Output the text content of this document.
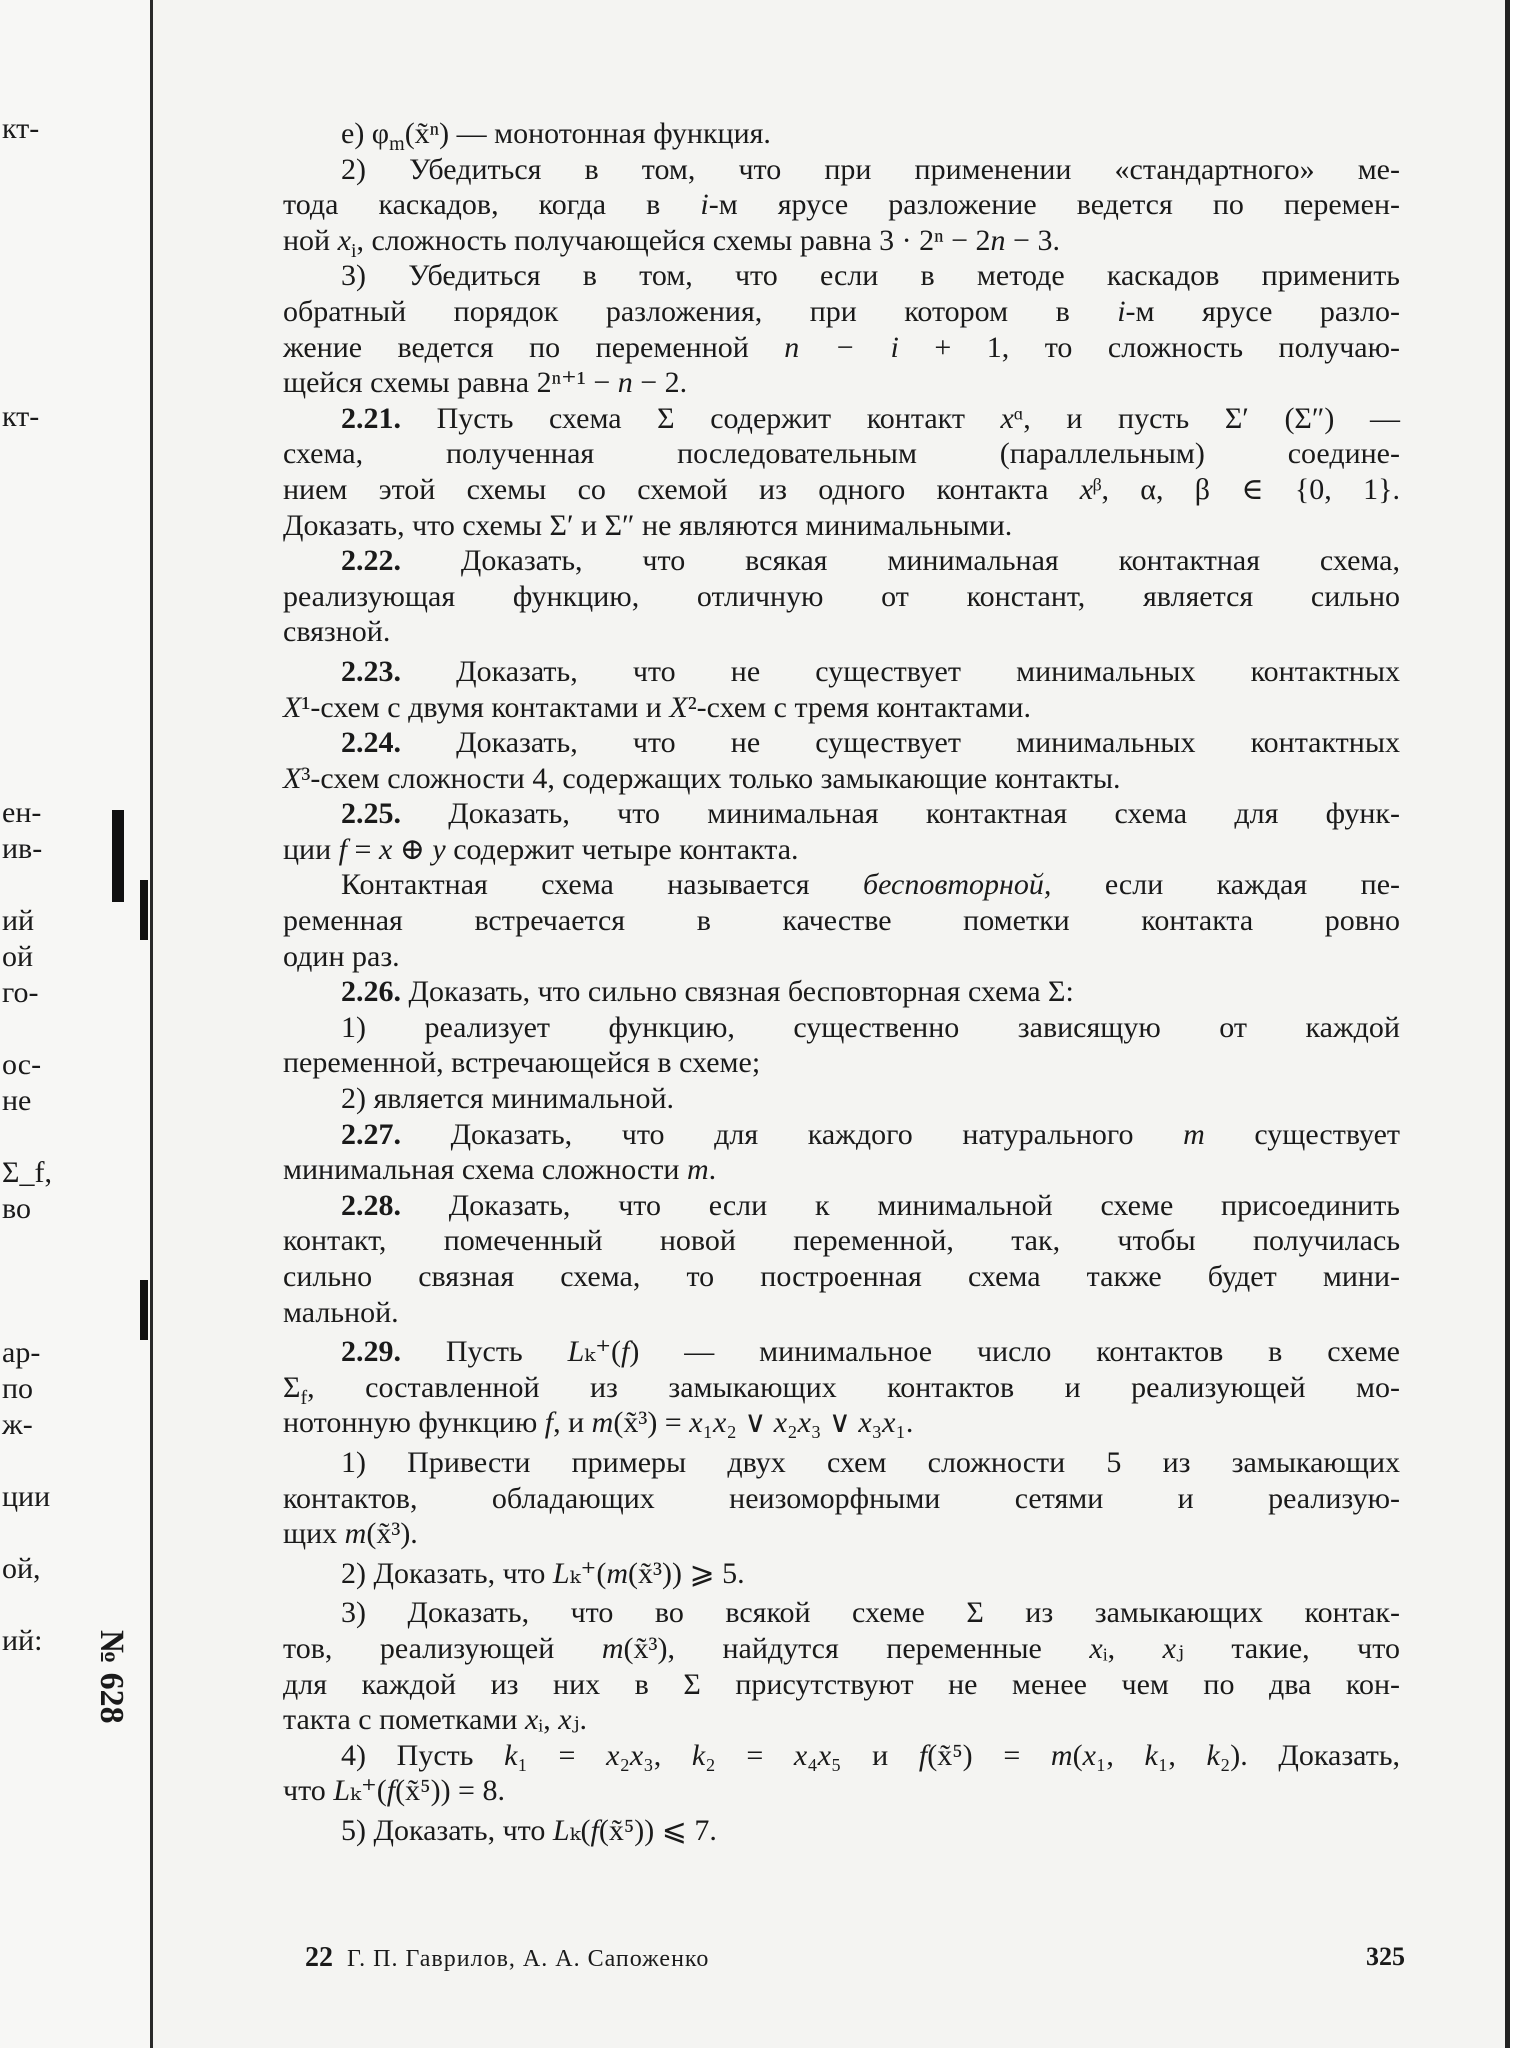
№ 628
кт-
кт-
ен-
ив-
ий
ой
го-
ос-
не
Σ_f,
во
ар-
по
ж-
ции
ой,
ий:
е) $\varphi_m(x̃^n)$ — монотонная функция.
2) Убедиться в том, что при применении «стандартного» ме-
тода каскадов, когда в i-м ярусе разложение ведется по перемен-
ной $x_i$, сложность получающейся схемы равна 3 · 2ⁿ − 2n − 3.
3) Убедиться в том, что если в методе каскадов применить
обратный порядок разложения, при котором в i-м ярусе разло-
жение ведется по переменной n − i + 1, то сложность получаю-
щейся схемы равна 2ⁿ⁺¹ − n − 2.
2.21. Пусть схема Σ содержит контакт xᵅ, и пусть Σ′ (Σ″) —
схема, полученная последовательным (параллельным) соедине-
нием этой схемы со схемой из одного контакта xᵝ, α, β ∈ {0, 1}.
Доказать, что схемы Σ′ и Σ″ не являются минимальными.
2.22. Доказать, что всякая минимальная контактная схема,
реализующая функцию, отличную от констант, является сильно
связной.
2.23. Доказать, что не существует минимальных контактных
X¹-схем с двумя контактами и X²-схем с тремя контактами.
2.24. Доказать, что не существует минимальных контактных
X³-схем сложности 4, содержащих только замыкающие контакты.
2.25. Доказать, что минимальная контактная схема для функ-
ции f = x ⊕ y содержит четыре контакта.
Контактная схема называется бесповторной, если каждая пе-
ременная встречается в качестве пометки контакта ровно
один раз.
2.26. Доказать, что сильно связная бесповторная схема Σ:
1) реализует функцию, существенно зависящую от каждой
переменной, встречающейся в схеме;
2) является минимальной.
2.27. Доказать, что для каждого натурального m существует
минимальная схема сложности m.
2.28. Доказать, что если к минимальной схеме присоединить
контакт, помеченный новой переменной, так, чтобы получилась
сильно связная схема, то построенная схема также будет мини-
мальной.
2.29. Пусть Lₖ⁺(f) — минимальное число контактов в схеме
$\Sigma_f$, составленной из замыкающих контактов и реализующей мо-
нотонную функцию f, и m(x̃³) = x₁x₂ ∨ x₂x₃ ∨ x₃x₁.
1) Привести примеры двух схем сложности 5 из замыкающих
контактов, обладающих неизоморфными сетями и реализую-
щих m(x̃³).
2) Доказать, что Lₖ⁺(m(x̃³)) ⩾ 5.
3) Доказать, что во всякой схеме Σ из замыкающих контак-
тов, реализующей m(x̃³), найдутся переменные xᵢ, xⱼ такие, что
для каждой из них в Σ присутствуют не менее чем по два кон-
такта с пометками xᵢ, xⱼ.
4) Пусть k₁ = x₂x₃, k₂ = x₄x₅ и f(x̃⁵) = m(x₁, k₁, k₂). Доказать,
что Lₖ⁺(f(x̃⁵)) = 8.
5) Доказать, что Lₖ(f(x̃⁵)) ⩽ 7.
22 Г. П. Гаврилов, А. А. Сапоженко	325
